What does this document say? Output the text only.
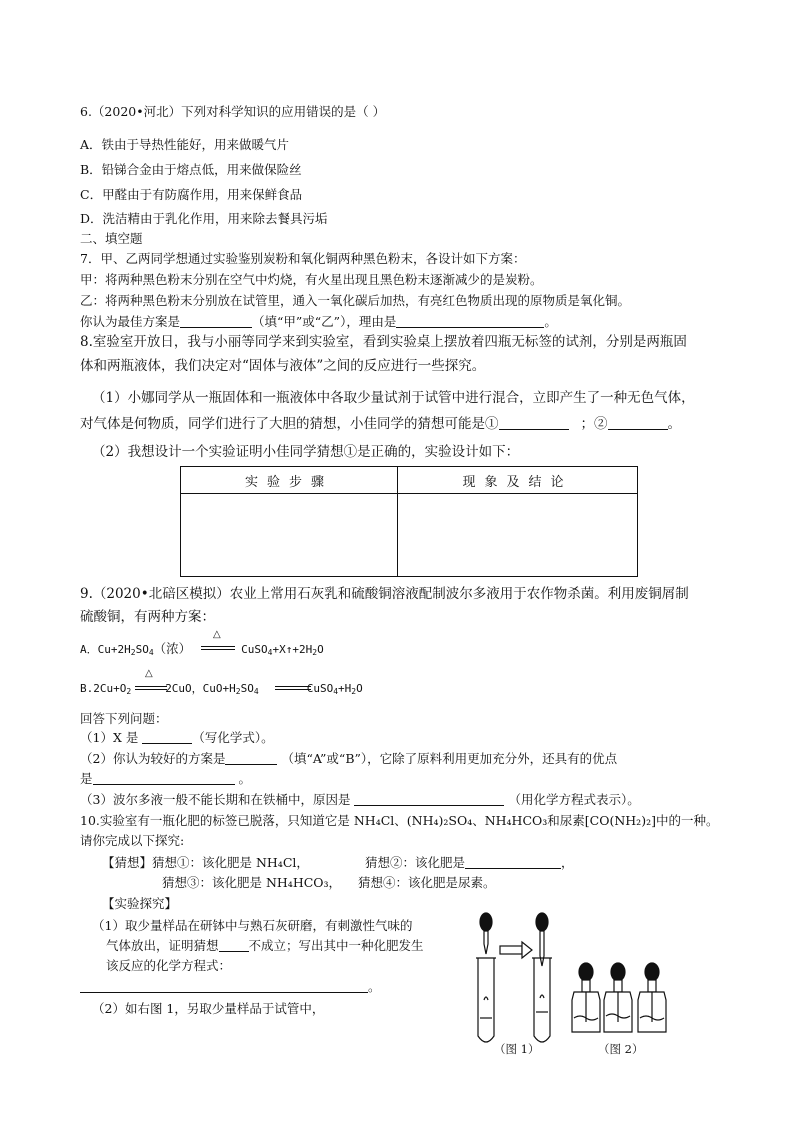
6.（2020•河北）下列对科学知识的应用错误的是（ ）
A．铁由于导热性能好，用来做暖气片
B．铅锑合金由于熔点低，用来做保险丝
C．甲醛由于有防腐作用，用来保鲜食品
D．洗洁精由于乳化作用，用来除去餐具污垢
二、填空题
7．甲、乙两同学想通过实验鉴别炭粉和氧化铜两种黑色粉末，各设计如下方案：
甲：将两种黑色粉末分别在空气中灼烧，有火星出现且黑色粉末逐渐减少的是炭粉。
乙：将两种黑色粉末分别放在试管里，通入一氧化碳后加热，有亮红色物质出现的原物质是氧化铜。
你认为最佳方案是	（填“甲”或“乙”），理由是	。
8.室验室开放日，我与小丽等同学来到实验室，看到实验桌上摆放着四瓶无标签的试剂，分别是两瓶固
体和两瓶液体，我们决定对“固体与液体”之间的反应进行一些探究。
（1）小娜同学从一瓶固体和一瓶液体中各取少量试剂于试管中进行混合，立即产生了一种无色气体，
对气体是何物质，同学们进行了大胆的猜想，小佳同学的猜想可能是①	；②	。
（2）我想设计一个实验证明小佳同学猜想①是正确的，实验设计如下：
实验步骤	现象及结论

9.（2020•北碚区模拟）农业上常用石灰乳和硫酸铜溶液配制波尔多液用于农作物杀菌。利用废铜屑制
硫酸铜，有两种方案：
△
A．$Cu+2H_2SO_4$（浓）	$CuSO_4+X↑+2H_2O$
△
$B.2Cu+O_2$	2CuO，$CuO+H_2SO_4$	$CuSO_4+H_2O$
回答下列问题：
（1）X 是	（写化学式）。
（2）你认为较好的方案是	（填“A”或“B”），它除了原料利用更加充分外，还具有的优点
是	。
（3）波尔多液一般不能长期和在铁桶中，原因是	（用化学方程式表示）。
10.实验室有一瓶化肥的标签已脱落，只知道它是 NH₄Cl、(NH₄)₂SO₄、NH₄HCO₃和尿素[CO(NH₂)₂]中的一种。
请你完成以下探究:
【猜想】猜想①：该化肥是 NH₄Cl，	猜想②：该化肥是	，
猜想③：该化肥是 NH₄HCO₃， 猜想④：该化肥是尿素。
【实验探究】
（1）取少量样品在研钵中与熟石灰研磨，有刺激性气味的
气体放出，证明猜想 不成立；写出其中一种化肥发生
该反应的化学方程式：
。
（2）如右图 1，另取少量样品于试管中，
（图 1）	（图 2）
